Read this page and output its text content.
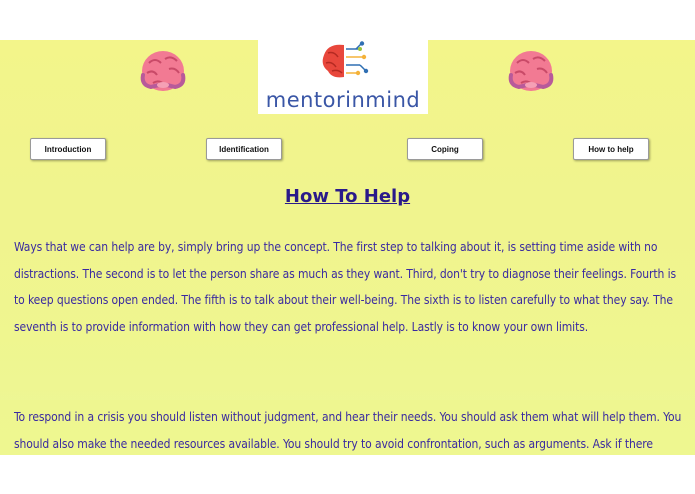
mentorinmind
Introduction	Identification	Coping	How to help
How To Help
Ways that we can help are by, simply bring up the concept. The first step to talking about it, is setting time aside with no distractions. The second is to let the person share as much as they want. Third, don't try to diagnose their feelings. Fourth is to keep questions open ended. The fifth is to talk about their well-being. The sixth is to listen carefully to what they say. The seventh is to provide information with how they can get professional help. Lastly is to know your own limits.
To respond in a crisis you should listen without judgment, and hear their needs. You should ask them what will help them. You should also make the needed resources available. You should try to avoid confrontation, such as arguments. Ask if there
